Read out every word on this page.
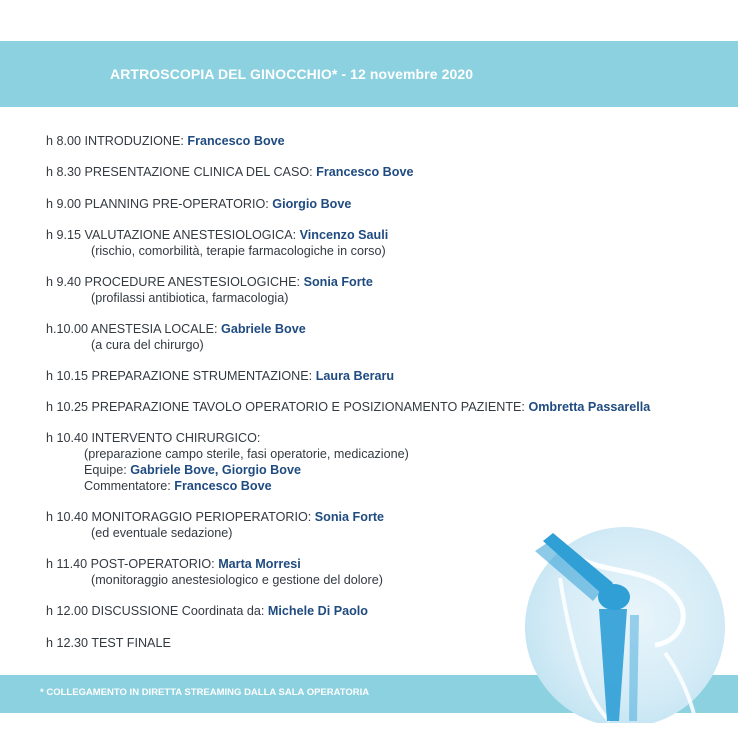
ARTROSCOPIA DEL GINOCCHIO* - 12 novembre 2020
h 8.00 INTRODUZIONE: Francesco Bove
h 8.30 PRESENTAZIONE CLINICA DEL CASO: Francesco Bove
h 9.00 PLANNING PRE-OPERATORIO: Giorgio Bove
h 9.15 VALUTAZIONE ANESTESIOLOGICA: Vincenzo Sauli
(rischio, comorbilità, terapie farmacologiche in corso)
h 9.40 PROCEDURE ANESTESIOLOGICHE: Sonia Forte
(profilassi antibiotica, farmacologia)
h.10.00 ANESTESIA LOCALE: Gabriele Bove
(a cura del chirurgo)
h 10.15 PREPARAZIONE STRUMENTAZIONE: Laura Beraru
h 10.25 PREPARAZIONE TAVOLO OPERATORIO E POSIZIONAMENTO PAZIENTE: Ombretta Passarella
h 10.40 INTERVENTO CHIRURGICO:
(preparazione campo sterile, fasi operatorie, medicazione)
Equipe: Gabriele Bove, Giorgio Bove
Commentatore: Francesco Bove
h 10.40 MONITORAGGIO PERIOPERATORIO: Sonia Forte
(ed eventuale sedazione)
h 11.40 POST-OPERATORIO: Marta Morresi
(monitoraggio anestesiologico e gestione del dolore)
h 12.00 DISCUSSIONE Coordinata da: Michele Di Paolo
h 12.30 TEST FINALE
* COLLEGAMENTO IN DIRETTA STREAMING DALLA SALA OPERATORIA
